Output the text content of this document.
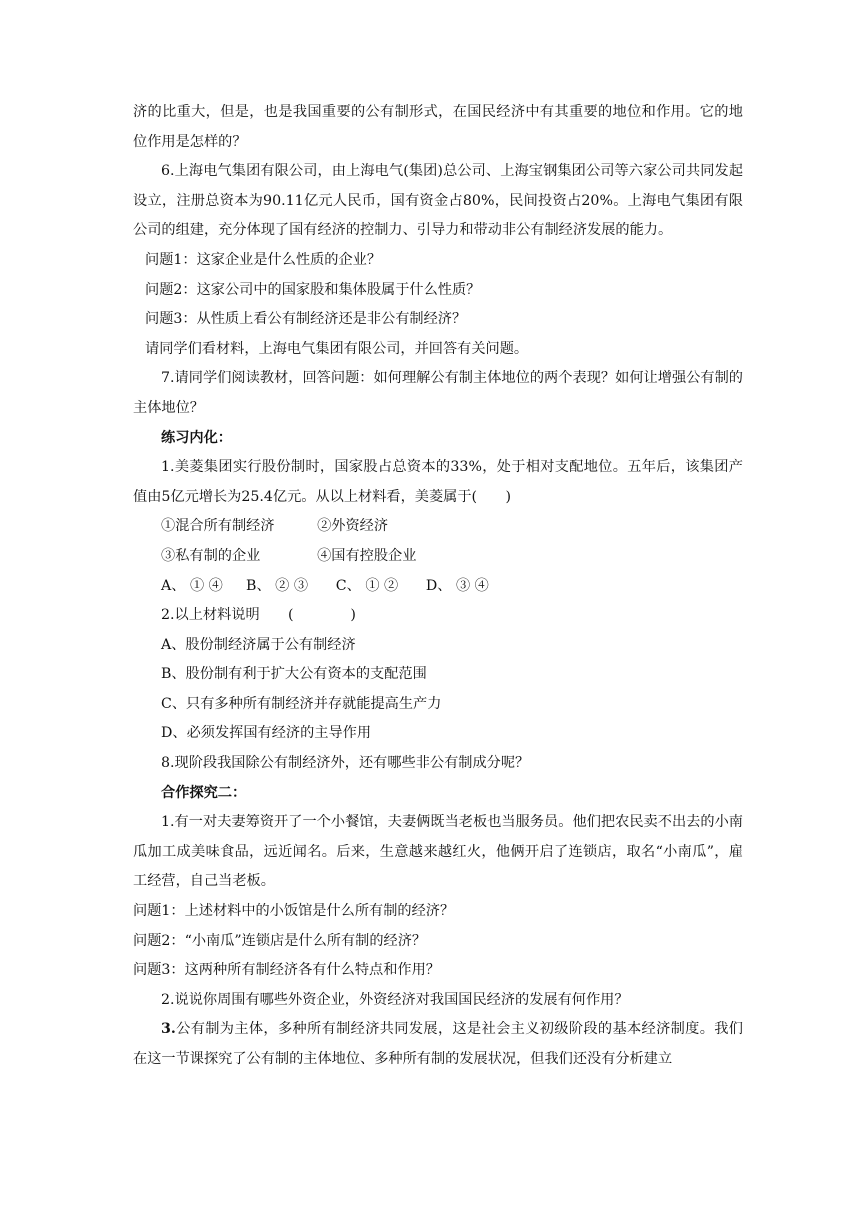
济的比重大，但是，也是我国重要的公有制形式，在国民经济中有其重要的地位和作用。它的地位作用是怎样的？

6.上海电气集团有限公司，由上海电气(集团)总公司、上海宝钢集团公司等六家公司共同发起设立，注册总资本为90.11亿元人民币，国有资金占80%，民间投资占20%。上海电气集团有限公司的组建，充分体现了国有经济的控制力、引导力和带动非公有制经济发展的能力。

问题1：这家企业是什么性质的企业？

问题2：这家公司中的国家股和集体股属于什么性质？

问题3：从性质上看公有制经济还是非公有制经济？

请同学们看材料，上海电气集团有限公司，并回答有关问题。

7.请同学们阅读教材，回答问题：如何理解公有制主体地位的两个表现？如何让增强公有制的主体地位？

练习内化：

1.美菱集团实行股份制时，国家股占总资本的33%，处于相对支配地位。五年后，该集团产值由5亿元增长为25.4亿元。从以上材料看，美菱属于(　　)

①混合所有制经济　　　②外资经济

③私有制的企业　　　　④国有控股企业

A、 ① ④　  B、 ② ③　   C、 ① ②　   D、 ③ ④

2.以上材料说明　　(　　　　)

A、股份制经济属于公有制经济

B、股份制有利于扩大公有资本的支配范围

C、只有多种所有制经济并存就能提高生产力

D、必须发挥国有经济的主导作用

8.现阶段我国除公有制经济外，还有哪些非公有制成分呢？

合作探究二：

1.有一对夫妻筹资开了一个小餐馆，夫妻俩既当老板也当服务员。他们把农民卖不出去的小南瓜加工成美味食品，远近闻名。后来，生意越来越红火，他俩开启了连锁店，取名“小南瓜”，雇工经营，自己当老板。

问题1：上述材料中的小饭馆是什么所有制的经济？

问题2：“小南瓜”连锁店是什么所有制的经济？

问题3：这两种所有制经济各有什么特点和作用？

2.说说你周围有哪些外资企业，外资经济对我国国民经济的发展有何作用？

3.公有制为主体，多种所有制经济共同发展，这是社会主义初级阶段的基本经济制度。我们在这一节课探究了公有制的主体地位、多种所有制的发展状况，但我们还没有分析建立
